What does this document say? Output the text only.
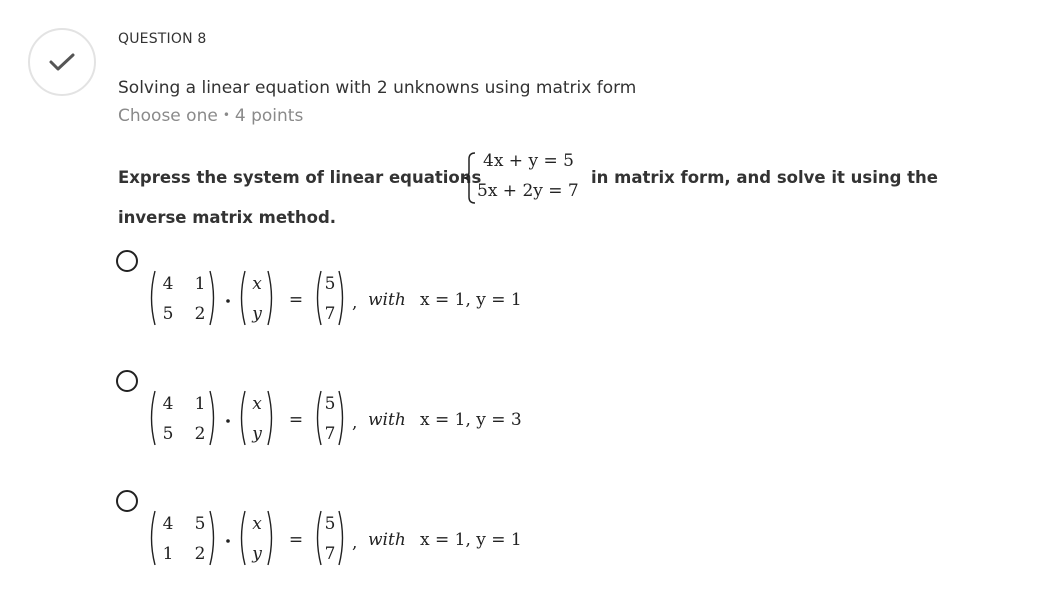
QUESTION 8
Solving a linear equation with 2 unknowns using matrix form
Choose one • 4 points
Express the system of linear equations
4x + y = 5
5x + 2y = 7
in matrix form, and solve it using the
inverse matrix method.
4 1
5 2
x
y
=
5
7
, with x = 1, y = 1
4 1
5 2
x
y
=
5
7
, with x = 1, y = 3
4 5
1 2
x
y
=
5
7
, with x = 1, y = 1
